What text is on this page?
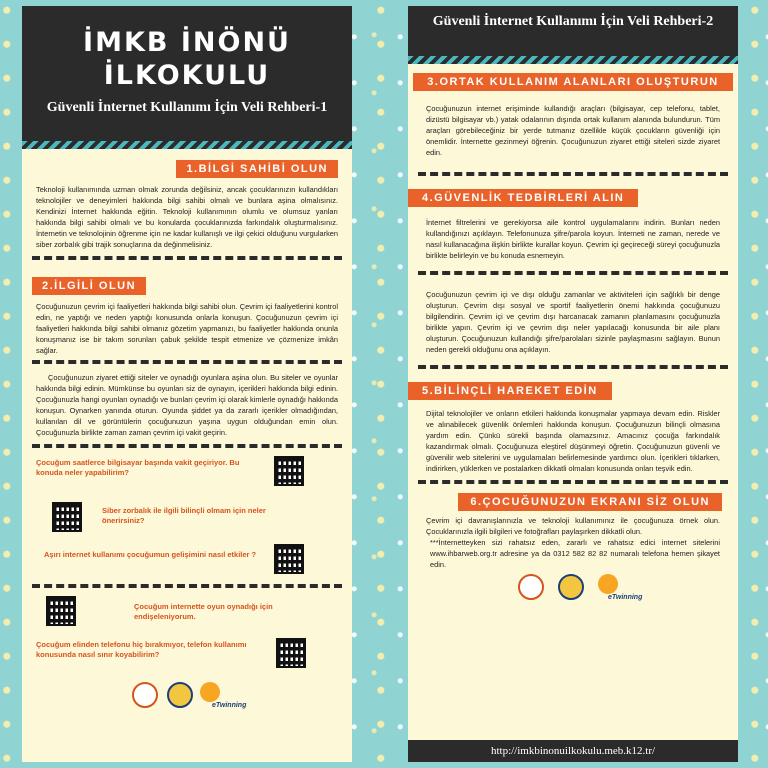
İMKB İNÖNÜ
İLKOKULU
Güvenli İnternet Kullanımı İçin Veli Rehberi-1
1.BİLGİ SAHİBİ OLUN
Teknoloji kullanımında uzman olmak zorunda değilsiniz, ancak çocuklarınızın kullandıkları teknolojiler ve deneyimleri hakkında bilgi sahibi olmalı ve bunlara aşina olmalısınız. Kendinizi İnternet hakkında eğitin. Teknoloji kullanımının olumlu ve olumsuz yanları hakkında bilgi sahibi olmalı ve bu konularda çocuklarınızda farkındalık oluşturmalısınız. İnternetin ve teknolojinin öğrenme için ne kadar kullanışlı ve ilgi çekici olduğunu vurgularken siber zorbalık gibi trajik sonuçlarına da değinmelisiniz.
2.İLGİLİ OLUN
Çocuğunuzun çevrim içi faaliyetleri hakkında bilgi sahibi olun. Çevrim içi faaliyetlerini kontrol edin, ne yaptığı ve neden yaptığı konusunda onlarla konuşun. Çocuğunuzun çevrim içi faaliyetleri hakkında bilgi sahibi olmanız gözetim yapmanızı, bu faaliyetler hakkında onunla konuşmanız ise bir takım sorunları çabuk şekilde tespit etmenize ve çözmenize imkân sağlar.
Çocuğunuzun ziyaret ettiği siteler ve oynadığı oyunlara aşina olun. Bu siteler ve oyunlar hakkında bilgi edinin. Mümkünse bu oyunları siz de oynayın, içerikleri hakkında bilgi edinin. Çocuğunuzla hangi oyunları oynadığı ve bunları çevrim içi olarak kimlerle oynadığı hakkında konuşun. Oynarken yanında oturun. Oyunda şiddet ya da zararlı içerikler olmadığından, kullanılan dil ve görüntülerin çocuğunuzun yaşına uygun olduğundan emin olun. Çocuğunuzla birlikte zaman zaman çevrim içi vakit geçirin.
Çocuğum saatlerce bilgisayar başında vakit geçiriyor. Bu konuda neler yapabilirim?
Siber zorbalık ile ilgili bilinçli olmam için neler önerirsiniz?
Aşırı internet kullanımı çocuğumun gelişimini nasıl etkiler ?
Çocuğum internette oyun oynadığı için endişeleniyorum.
Çocuğum elinden telefonu hiç bırakmıyor, telefon kullanımı konusunda nasıl sınır koyabilirim?
eTwinning
Güvenli İnternet Kullanımı İçin Veli Rehberi-2
3.ORTAK KULLANIM ALANLARI OLUŞTURUN
Çocuğunuzun internet erişiminde kullandığı araçları (bilgisayar, cep telefonu, tablet, dizüstü bilgisayar vb.) yatak odalarının dışında ortak kullanım alanında bulundurun. Tüm araçları görebileceğiniz bir yerde tutmanız özellikle küçük çocukların güvenliği için önemlidir. İnternette gezinmeyi öğrenin. Çocuğunuzun ziyaret ettiği siteleri sizde ziyaret edin.
4.GÜVENLİK TEDBİRLERİ ALIN
İnternet filtrelerini ve gerekiyorsa aile kontrol uygulamalarını indirin. Bunları neden kullandığınızı açıklayın. Telefonunuza şifre/parola koyun. İnterneti ne zaman, nerede ve nasıl kullanacağına ilişkin birlikte kurallar koyun. Çevrim içi geçireceği süreyi çocuğunuzla birlikte belirleyin ve bu konuda esnemeyin.
Çocuğunuzun çevrim içi ve dışı olduğu zamanlar ve aktiviteleri için sağlıklı bir denge oluşturun. Çevrim dışı sosyal ve sportif faaliyetlerin önemi hakkında çocuğunuzu bilgilendirin. Çevrim içi ve çevrim dışı harcanacak zamanın planlamasını çocuğunuzla birlikte yapın. Çevrim içi ve çevrim dışı neler yapılacağı konusunda bir aile planı oluşturun. Çocuğunuzun kullandığı şifre/parolaları sizinle paylaşmasını sağlayın. Bunun neden gerekli olduğunu ona açıklayın.
5.BİLİNÇLİ HAREKET EDİN
Dijital teknolojiler ve onların etkileri hakkında konuşmalar yapmaya devam edin. Riskler ve alınabilecek güvenlik önlemleri hakkında konuşun. Çocuğunuzun bilinçli olmasına yardım edin. Çünkü sürekli başında olamazsınız. Amacınız çocuğa farkındalık kazandırmak olmalı. Çocuğunuza eleştirel düşünmeyi öğretin. Çocuğunuzun güvenli ve güvenilir web sitelerini ve uygulamaları belirlemesinde yardımcı olun. İçerikleri tıklarken, indirirken, yüklerken ve postalarken dikkatli olmaları konusunda onları teşvik edin.
6.ÇOCUĞUNUZUN EKRANI SİZ OLUN
Çevrim içi davranışlarınızla ve teknoloji kullanımınız ile çocuğunuza örnek olun. Çocuklarınızla ilgili bilgileri ve fotoğrafları paylaşırken dikkatli olun.
***İnternetteyken sizi rahatsız eden, zararlı ve rahatsız edici internet sitelerini www.ihbarweb.org.tr adresine ya da 0312 582 82 82 numaralı telefona hemen şikayet edin.
eTwinning
http://imkbinonuilkokulu.meb.k12.tr/
